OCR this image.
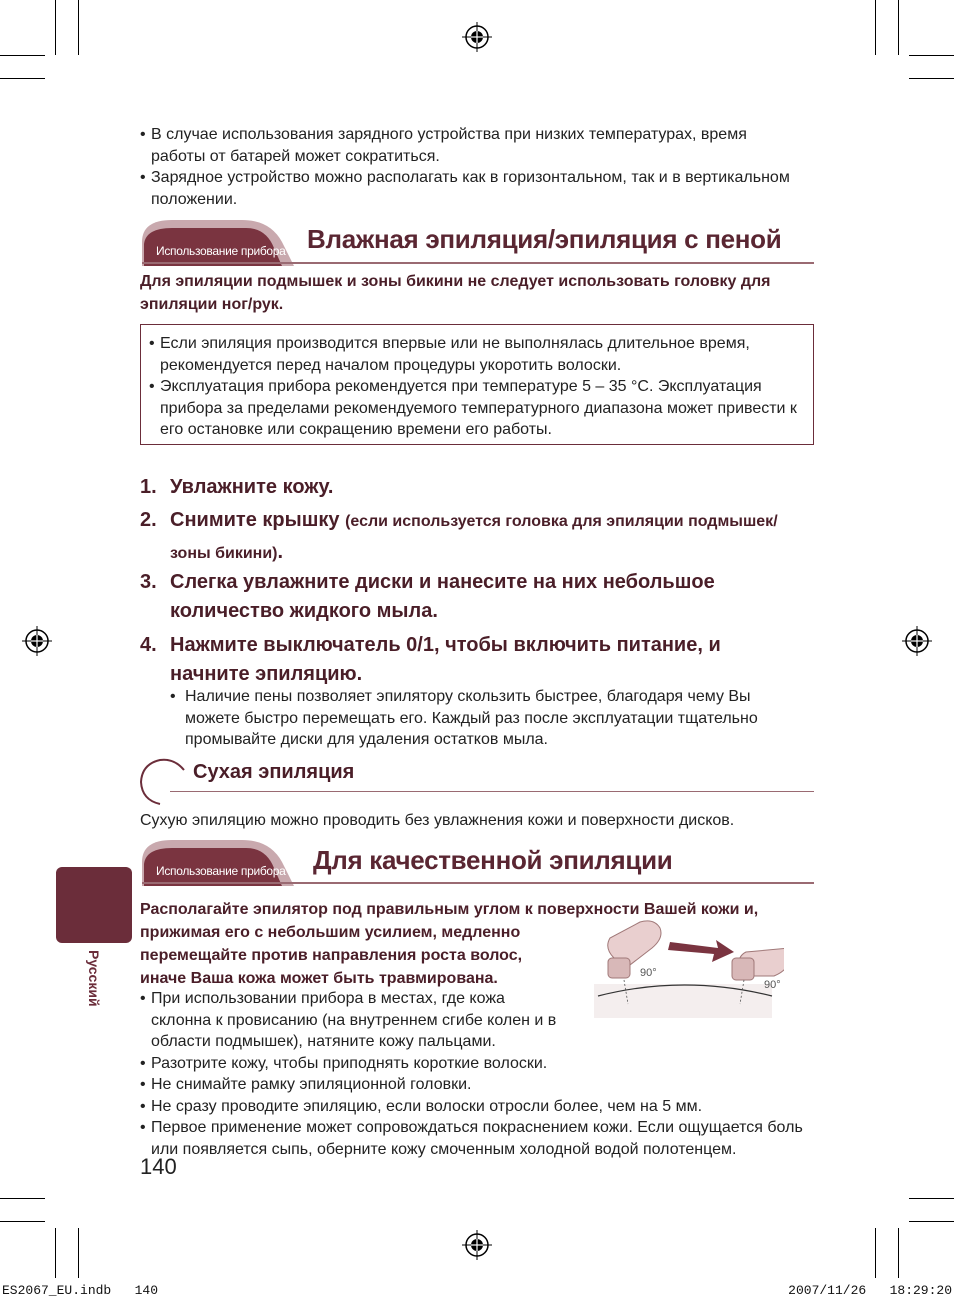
• В случае использования зарядного устройства при низких температурах, время работы от батарей может сократиться.
• Зарядное устройство можно располагать как в горизонтальном, так и в вертикальном положении.
Использование прибора Влажная эпиляция/эпиляция с пеной
Для эпиляции подмышек и зоны бикини не следует использовать головку для эпиляции ног/рук.
• Если эпиляция производится впервые или не выполнялась длительное время, рекомендуется перед началом процедуры укоротить волоски.
• Эксплуатация прибора рекомендуется при температуре 5 – 35 °C. Эксплуатация прибора за пределами рекомендуемого температурного диапазона может привести к его остановке или сокращению времени его работы.
1. Увлажните кожу.
2. Снимите крышку (если используется головка для эпиляции подмышек/зоны бикини).
3. Слегка увлажните диски и нанесите на них небольшое количество жидкого мыла.
4. Нажмите выключатель 0/1, чтобы включить питание, и начните эпиляцию.
• Наличие пены позволяет эпилятору скользить быстрее, благодаря чему Вы можете быстро перемещать его. Каждый раз после эксплуатации тщательно промывайте диски для удаления остатков мыла.
Сухая эпиляция
Сухую эпиляцию можно проводить без увлажнения кожи и поверхности дисков.
Использование прибора Для качественной эпиляции
Русский
Располагайте эпилятор под правильным углом к поверхности Вашей кожи и,
прижимая его с небольшим усилием, медленно
перемещайте против направления роста волос,
иначе Ваша кожа может быть травмирована.
• При использовании прибора в местах, где кожа
склонна к провисанию (на внутреннем сгибе колен и в
области подмышек), натяните кожу пальцами.
• Разотрите кожу, чтобы приподнять короткие волоски.
• Не снимайте рамку эпиляционной головки.
• Не сразу проводите эпиляцию, если волоски отросли более, чем на 5 мм.
• Первое применение может сопровождаться покраснением кожи. Если ощущается боль или появляется сыпь, оберните кожу смоченным холодной водой полотенцем.
90°
90°
140
ES2067_EU.indb   140	2007/11/26   18:29:20
